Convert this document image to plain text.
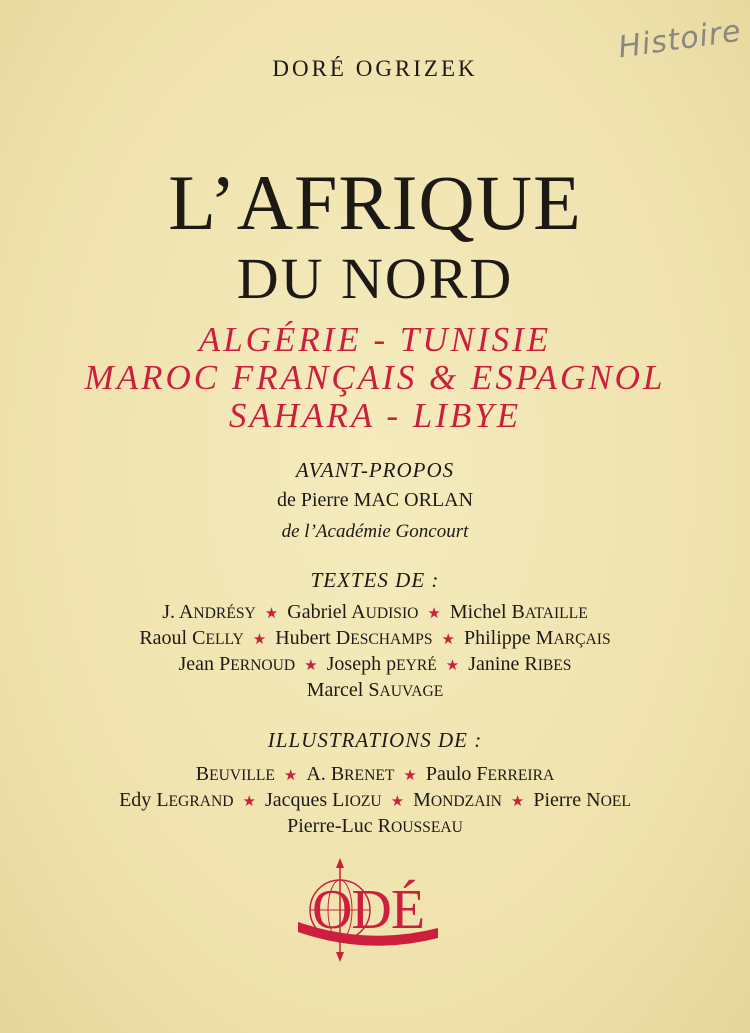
Histoire
DORÉ OGRIZEK
L’AFRIQUE
DU NORD
ALGÉRIE - TUNISIE
MAROC FRANÇAIS & ESPAGNOL
SAHARA - LIBYE
AVANT-PROPOS
de Pierre MAC ORLAN
de l’Académie Goncourt
TEXTES DE :
J. ANDRÉSY ★ Gabriel AUDISIO ★ Michel BATAILLE
Raoul CELLY ★ Hubert DESCHAMPS ★ Philippe MARÇAIS
Jean PERNOUD ★ Joseph pEYRÉ ★ Janine RIBES
Marcel SAUVAGE
ILLUSTRATIONS DE :
BEUVILLE ★ A. BRENET ★ Paulo FERREIRA
Edy LEGRAND ★ Jacques LIOZU ★ MONDZAIN ★ Pierre NOEL
Pierre-Luc ROUSSEAU
ODÉ
